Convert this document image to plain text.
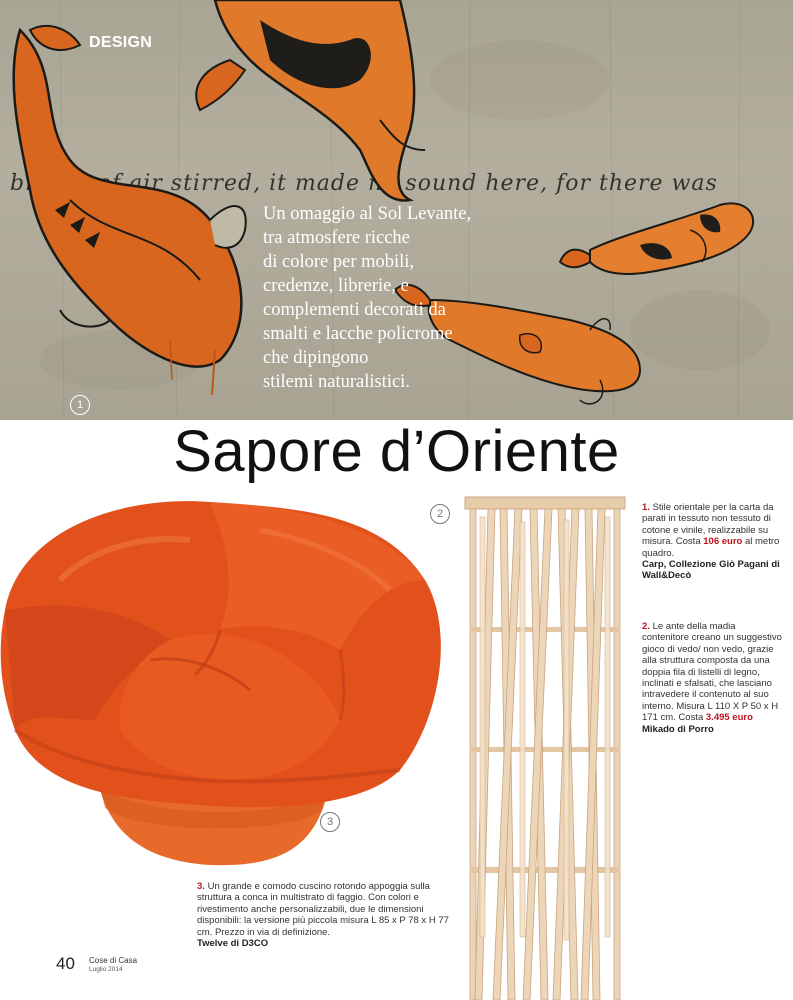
breath of air stirred, it made no sound here, for there was
DESIGN
Un omaggio al Sol Levante,
tra atmosfere ricche
di colore per mobili,
credenze, librerie, e
complementi decorati da
smalti e lacche policrome
che dipingono
stilemi naturalistici.
1
Sapore d’Oriente
3
2
1. Stile orientale per la carta da parati in tessuto non tessuto di cotone e vinile, realizzabile su misura. Costa 106 euro al metro quadro.
Carp, Collezione Giò Pagani di Wall&Decò
2. Le ante della madia contenitore creano un suggestivo gioco di vedo/ non vedo, grazie alla struttura composta da una doppia fila di listelli di legno, inclinati e sfalsati, che lasciano intravedere il contenuto al suo interno. Misura L 110 X P 50 x H 171 cm. Costa 3.495 euro
Mikado di Porro
3. Un grande e comodo cuscino rotondo appoggia sulla struttura a conca in multistrato di faggio. Con colori e rivestimento anche personalizzabili, due le dimensioni disponibili: la versione più piccola misura L 85 x P 78 x H 77 cm. Prezzo in via di definizione.
Twelve di D3CO
40 Cose di Casa
Luglio 2014
